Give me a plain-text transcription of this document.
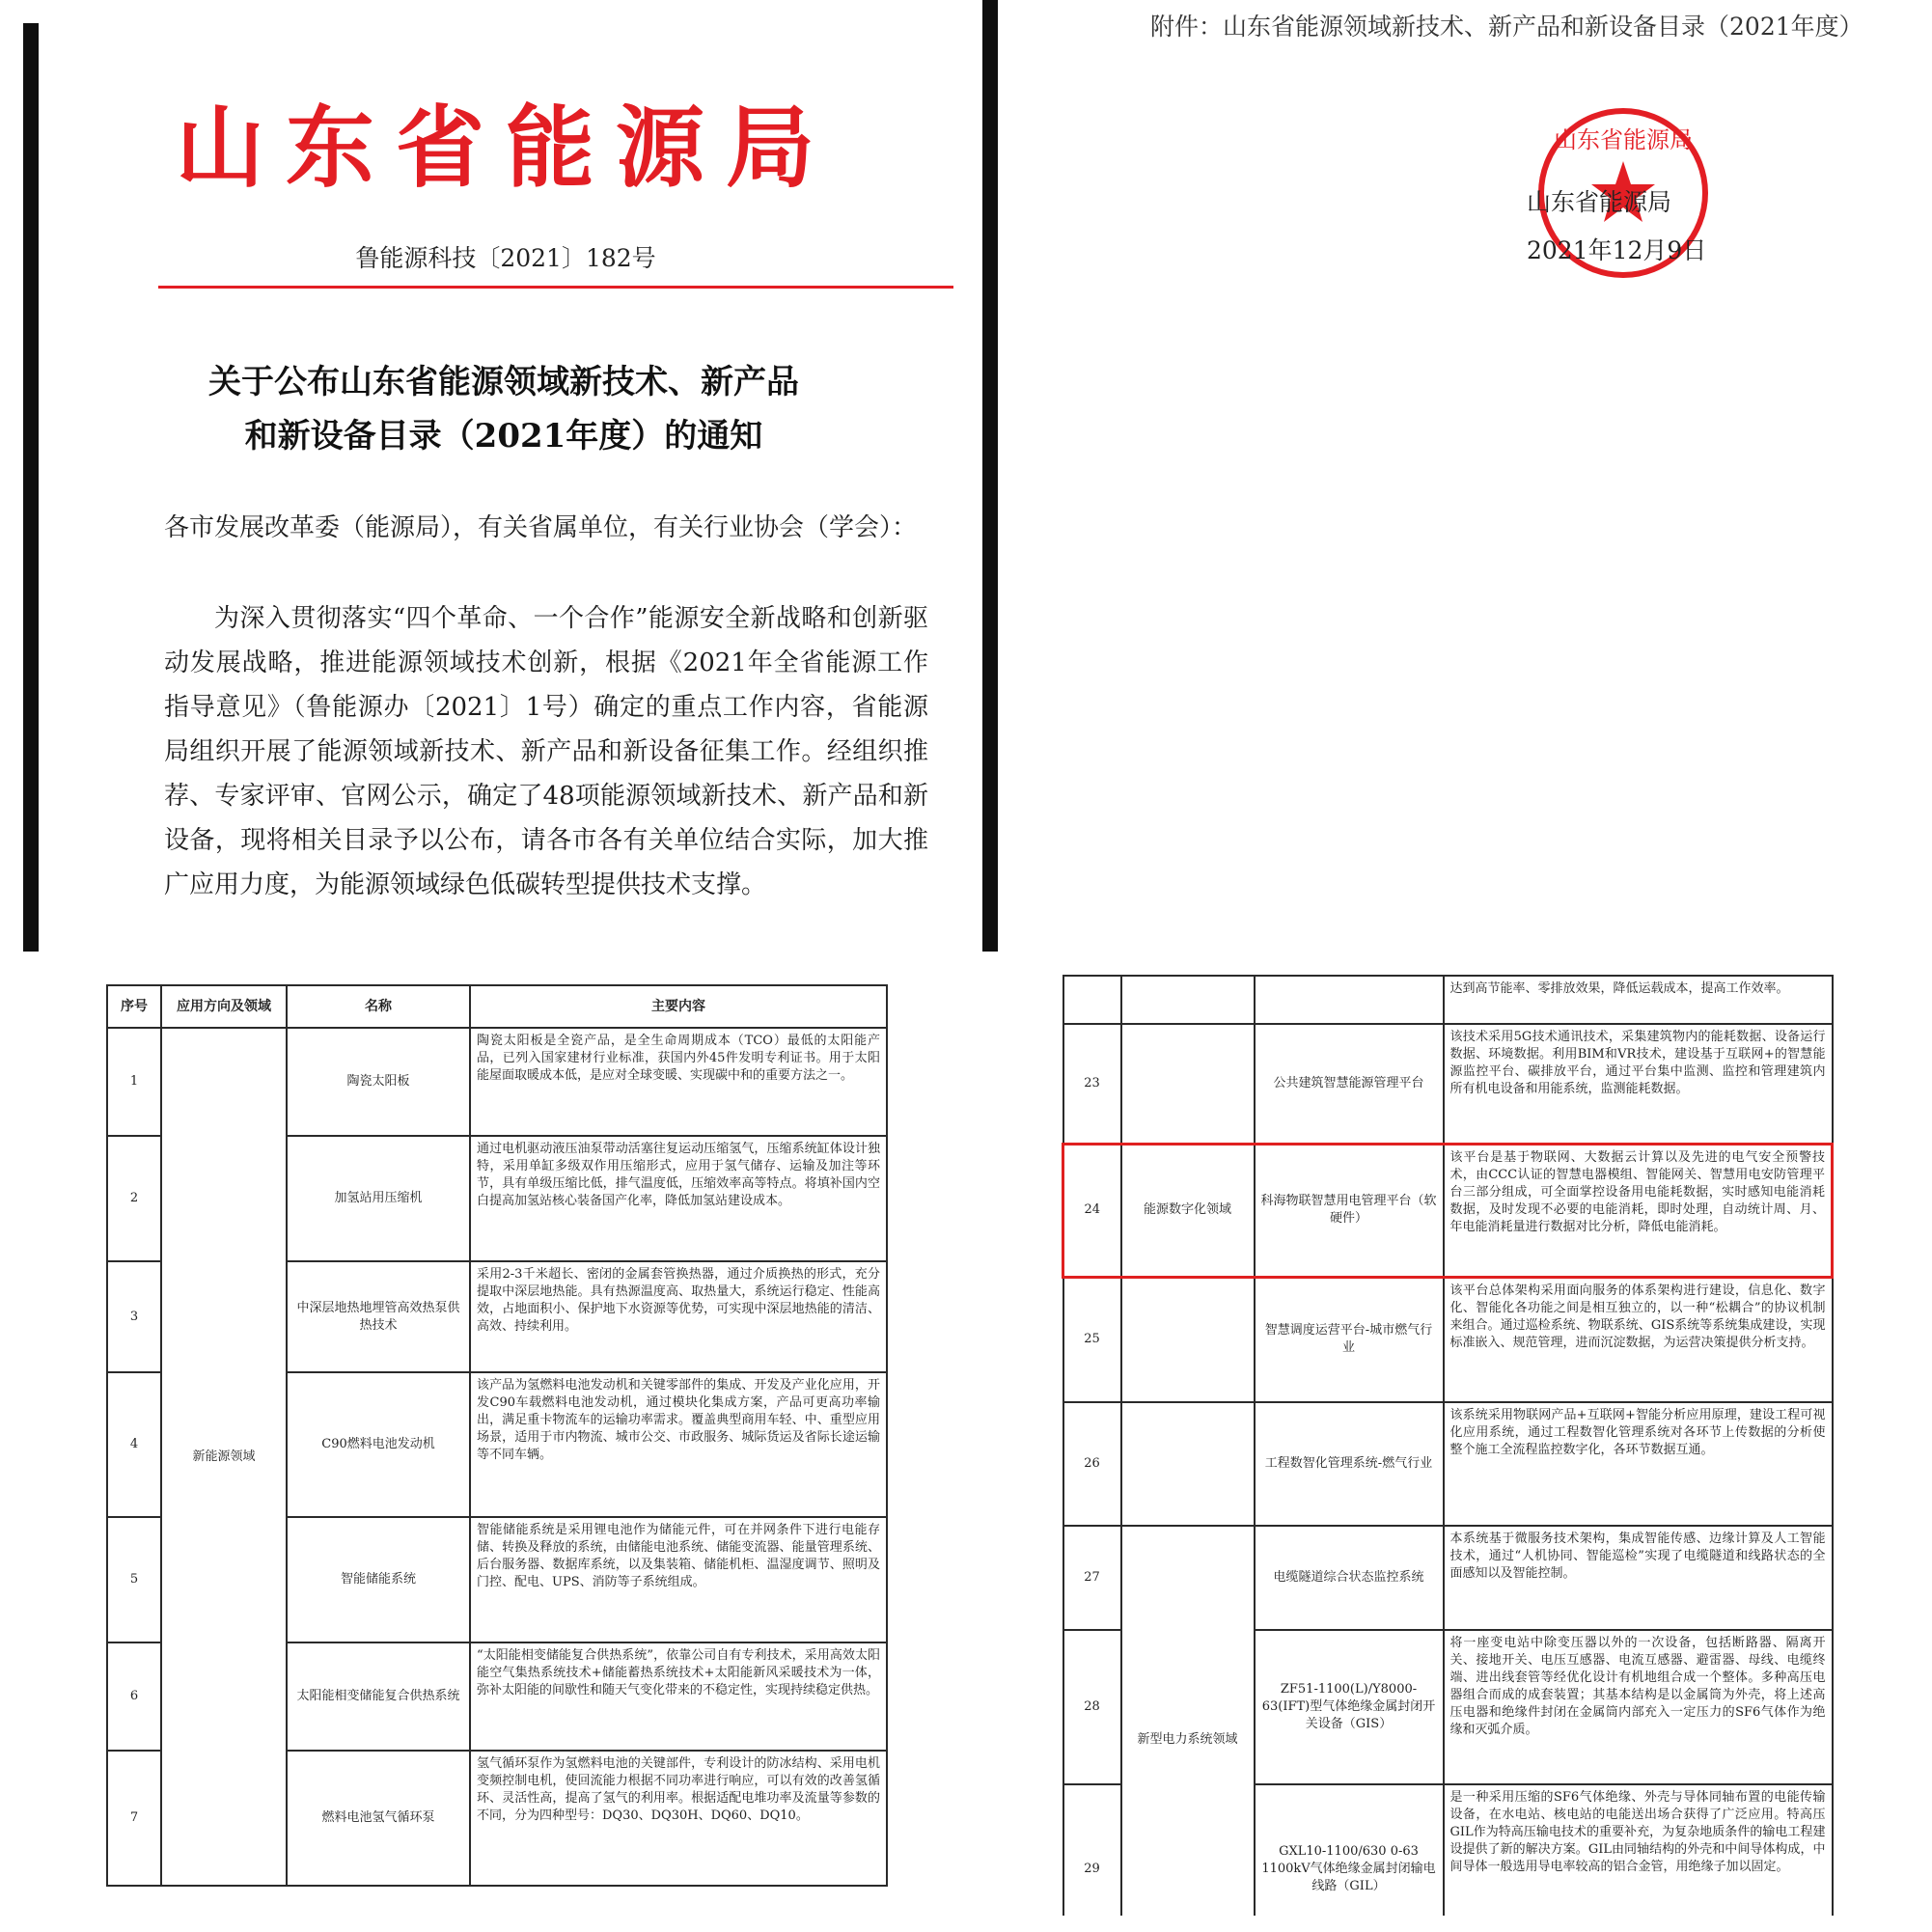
山东省能源局
鲁能源科技〔2021〕182号
关于公布山东省能源领域新技术、新产品
和新设备目录（2021年度）的通知
各市发展改革委（能源局），有关省属单位，有关行业协会（学会）：
为深入贯彻落实“四个革命、一个合作”能源安全新战略和创新驱动发展战略，推进能源领域技术创新，根据《2021年全省能源工作指导意见》（鲁能源办〔2021〕1号）确定的重点工作内容，省能源局组织开展了能源领域新技术、新产品和新设备征集工作。经组织推荐、专家评审、官网公示，确定了48项能源领域新技术、新产品和新设备，现将相关目录予以公布，请各市各有关单位结合实际，加大推广应用力度，为能源领域绿色低碳转型提供技术支撑。
附件：山东省能源领域新技术、新产品和新设备目录（2021年度）
山东省能源局
山东省能源局
2021年12月9日
序号	应用方向及领域	名称	主要内容
1	新能源领域	陶瓷太阳板	陶瓷太阳板是全瓷产品，是全生命周期成本（TCO）最低的太阳能产品，已列入国家建材行业标准，获国内外45件发明专利证书。用于太阳能屋面取暖成本低，是应对全球变暖、实现碳中和的重要方法之一。
2		加氢站用压缩机	通过电机驱动液压油泵带动活塞往复运动压缩氢气，压缩系统缸体设计独特，采用单缸多级双作用压缩形式，应用于氢气储存、运输及加注等环节，具有单级压缩比低，排气温度低，压缩效率高等特点。将填补国内空白提高加氢站核心装备国产化率，降低加氢站建设成本。
3		中深层地热地埋管高效热泵供热技术	采用2-3千米超长、密闭的金属套管换热器，通过介质换热的形式，充分提取中深层地热能。具有热源温度高、取热量大，系统运行稳定、性能高效，占地面积小、保护地下水资源等优势，可实现中深层地热能的清洁、高效、持续利用。
4		C90燃料电池发动机	该产品为氢燃料电池发动机和关键零部件的集成、开发及产业化应用，开发C90车载燃料电池发动机，通过模块化集成方案，产品可更高功率输出，满足重卡物流车的运输功率需求。覆盖典型商用车轻、中、重型应用场景，适用于市内物流、城市公交、市政服务、城际货运及省际长途运输等不同车辆。
5		智能储能系统	智能储能系统是采用锂电池作为储能元件，可在并网条件下进行电能存储、转换及释放的系统，由储能电池系统、储能变流器、能量管理系统、后台服务器、数据库系统，以及集装箱、储能机柜、温湿度调节、照明及门控、配电、UPS、消防等子系统组成。
6		太阳能相变储能复合供热系统	“太阳能相变储能复合供热系统”，依靠公司自有专利技术，采用高效太阳能空气集热系统技术+储能蓄热系统技术+太阳能新风采暖技术为一体，弥补太阳能的间歇性和随天气变化带来的不稳定性，实现持续稳定供热。
7		燃料电池氢气循环泵	氢气循环泵作为氢燃料电池的关键部件，专利设计的防冰结构、采用电机变频控制电机，使回流能力根据不同功率进行响应，可以有效的改善氢循环、灵活性高，提高了氢气的利用率。根据适配电堆功率及流量等参数的不同，分为四种型号：DQ30、DQ30H、DQ60、DQ10。
			达到高节能率、零排放效果，降低运载成本，提高工作效率。
23		公共建筑智慧能源管理平台	该技术采用5G技术通讯技术，采集建筑物内的能耗数据、设备运行数据、环境数据。利用BIM和VR技术，建设基于互联网+的智慧能源监控平台、碳排放平台，通过平台集中监测、监控和管理建筑内所有机电设备和用能系统，监测能耗数据。
24	能源数字化领域	科海物联智慧用电管理平台（软硬件）	该平台是基于物联网、大数据云计算以及先进的电气安全预警技术，由CCC认证的智慧电器模组、智能网关、智慧用电安防管理平台三部分组成，可全面掌控设备用电能耗数据，实时感知电能消耗数据，及时发现不必要的电能消耗，即时处理，自动统计周、月、年电能消耗量进行数据对比分析，降低电能消耗。
25		智慧调度运营平台-城市燃气行业	该平台总体架构采用面向服务的体系架构进行建设，信息化、数字化、智能化各功能之间是相互独立的，以一种“松耦合”的协议机制来组合。通过巡检系统、物联系统、GIS系统等系统集成建设，实现标准嵌入、规范管理，进而沉淀数据，为运营决策提供分析支持。
26		工程数智化管理系统-燃气行业	该系统采用物联网产品+互联网+智能分析应用原理，建设工程可视化应用系统，通过工程数智化管理系统对各环节上传数据的分析使整个施工全流程监控数字化，各环节数据互通。
27	新型电力系统领域	电缆隧道综合状态监控系统	本系统基于微服务技术架构，集成智能传感、边缘计算及人工智能技术，通过“人机协同、智能巡检”实现了电缆隧道和线路状态的全面感知以及智能控制。
28		ZF51-1100(L)/Y8000-63(IFT)型气体绝缘金属封闭开关设备（GIS）	将一座变电站中除变压器以外的一次设备，包括断路器、隔离开关、接地开关、电压互感器、电流互感器、避雷器、母线、电缆终端、进出线套管等经优化设计有机地组合成一个整体。多种高压电器组合而成的成套装置；其基本结构是以金属筒为外壳，将上述高压电器和绝缘件封闭在金属筒内部充入一定压力的SF6气体作为绝缘和灭弧介质。
29		GXL10-1100/630 0-63 1100kV气体绝缘金属封闭输电线路（GIL）	是一种采用压缩的SF6气体绝缘、外壳与导体同轴布置的电能传输设备，在水电站、核电站的电能送出场合获得了广泛应用。特高压GIL作为特高压输电技术的重要补充，为复杂地质条件的输电工程建设提供了新的解决方案。GIL由同轴结构的外壳和中间导体构成，中间导体一般选用导电率较高的铝合金管，用绝缘子加以固定。
